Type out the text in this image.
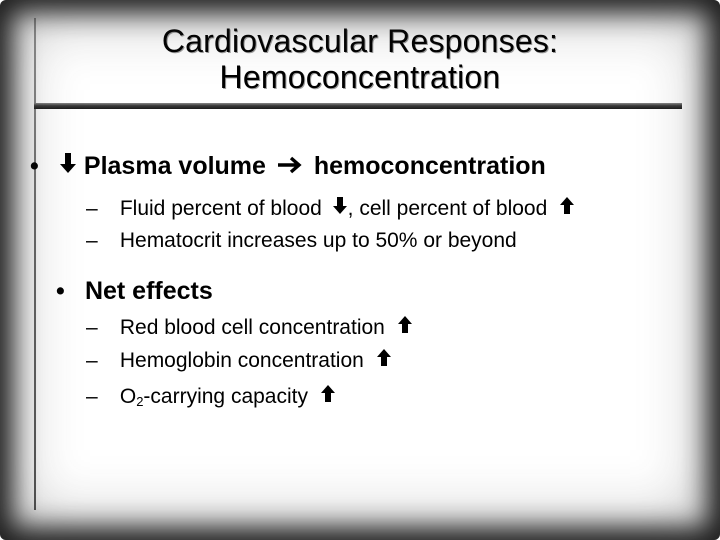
Cardiovascular Responses:
Hemoconcentration
• Plasma volume hemoconcentration
– Fluid percent of blood , cell percent of blood
– Hematocrit increases up to 50% or beyond
• Net effects
– Red blood cell concentration
– Hemoglobin concentration
– $O_2$-carrying capacity
